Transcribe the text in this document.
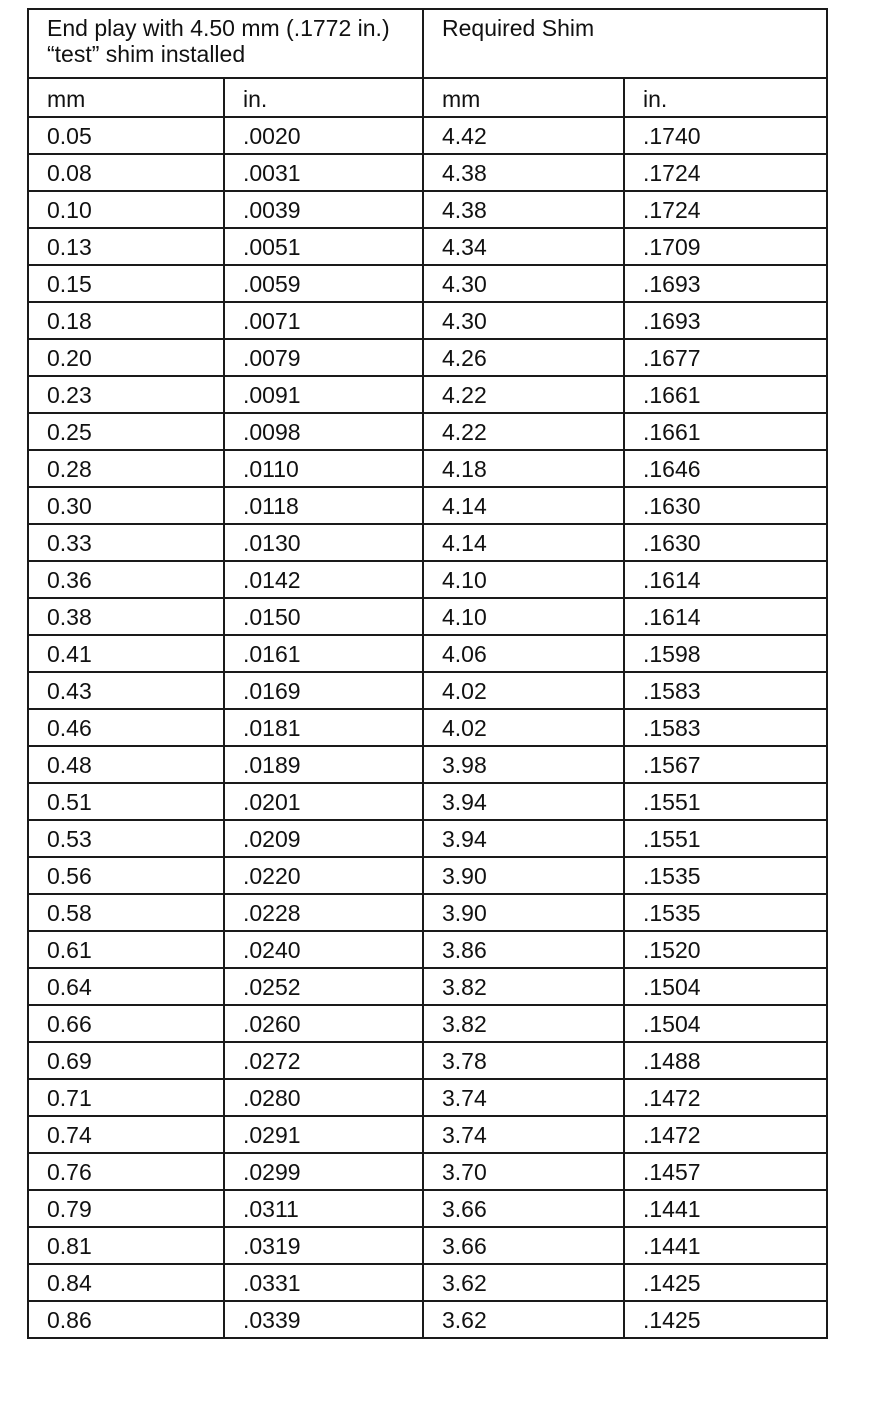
End play with 4.50 mm (.1772 in.) “test” shim installed		Required Shim	
mm	in.	mm	in.
0.05	.0020	4.42	.1740
0.08	.0031	4.38	.1724
0.10	.0039	4.38	.1724
0.13	.0051	4.34	.1709
0.15	.0059	4.30	.1693
0.18	.0071	4.30	.1693
0.20	.0079	4.26	.1677
0.23	.0091	4.22	.1661
0.25	.0098	4.22	.1661
0.28	.0110	4.18	.1646
0.30	.0118	4.14	.1630
0.33	.0130	4.14	.1630
0.36	.0142	4.10	.1614
0.38	.0150	4.10	.1614
0.41	.0161	4.06	.1598
0.43	.0169	4.02	.1583
0.46	.0181	4.02	.1583
0.48	.0189	3.98	.1567
0.51	.0201	3.94	.1551
0.53	.0209	3.94	.1551
0.56	.0220	3.90	.1535
0.58	.0228	3.90	.1535
0.61	.0240	3.86	.1520
0.64	.0252	3.82	.1504
0.66	.0260	3.82	.1504
0.69	.0272	3.78	.1488
0.71	.0280	3.74	.1472
0.74	.0291	3.74	.1472
0.76	.0299	3.70	.1457
0.79	.0311	3.66	.1441
0.81	.0319	3.66	.1441
0.84	.0331	3.62	.1425
0.86	.0339	3.62	.1425
